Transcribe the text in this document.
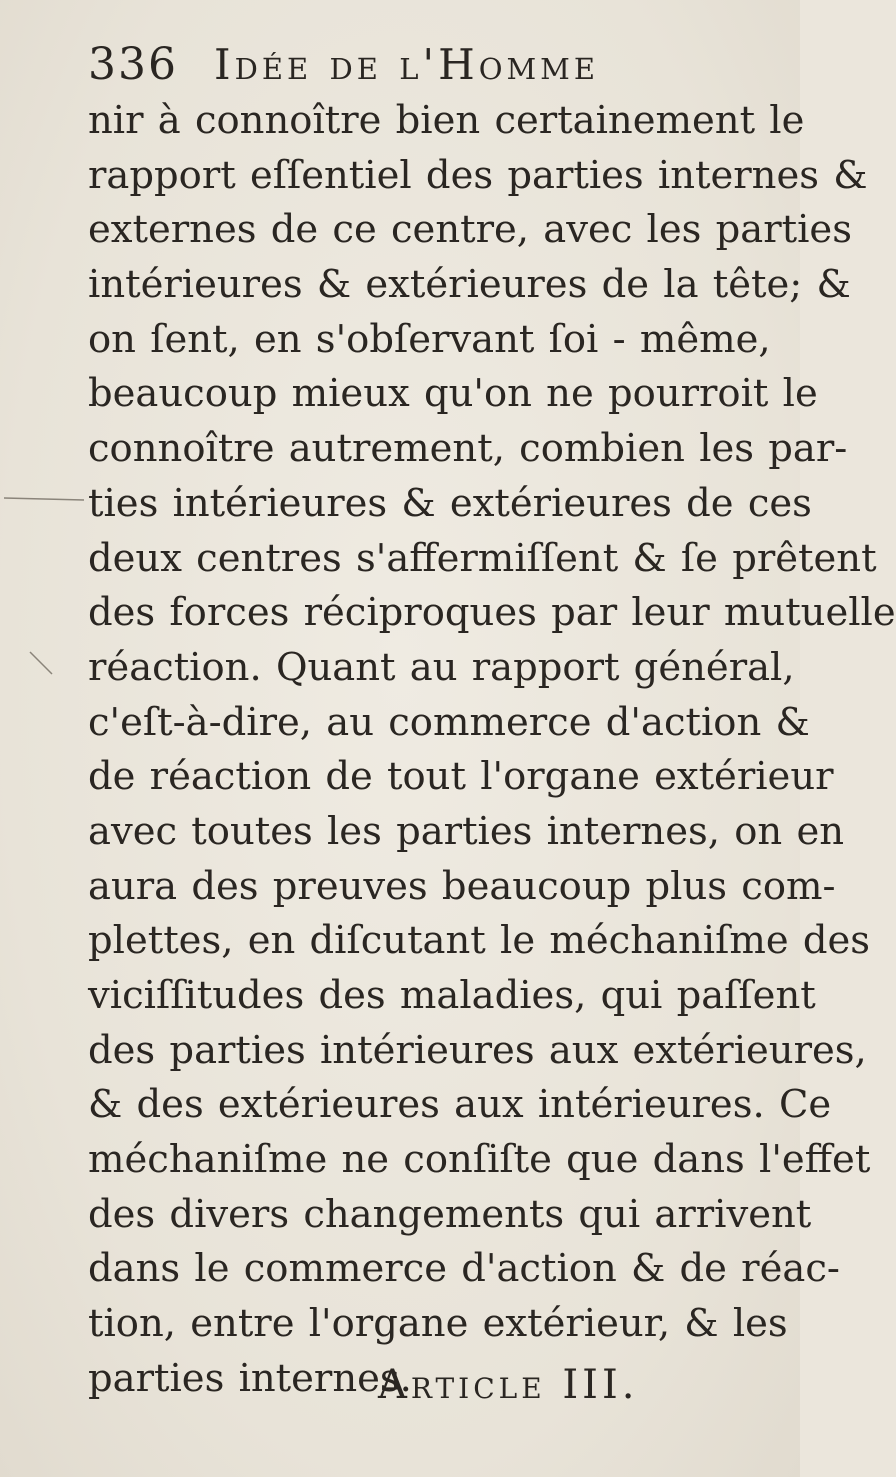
336 Idée de l'Homme
nir à connoître bien certainement le
rapport eſſentiel des parties internes &
externes de ce centre, avec les parties
intérieures & extérieures de la tête; &
on ſent, en s'obſervant ſoi - même,
beaucoup mieux qu'on ne pourroit le
connoître autrement, combien les par-
ties intérieures & extérieures de ces
deux centres s'affermiſſent & ſe prêtent
des forces réciproques par leur mutuelle
réaction. Quant au rapport général,
c'eſt-à-dire, au commerce d'action &
de réaction de tout l'organe extérieur
avec toutes les parties internes, on en
aura des preuves beaucoup plus com-
plettes, en diſcutant le méchaniſme des
viciſſitudes des maladies, qui paſſent
des parties intérieures aux extérieures,
& des extérieures aux intérieures. Ce
méchaniſme ne conſiſte que dans l'effet
des divers changements qui arrivent
dans le commerce d'action & de réac-
tion, entre l'organe extérieur, & les
parties internes.
Article III.
